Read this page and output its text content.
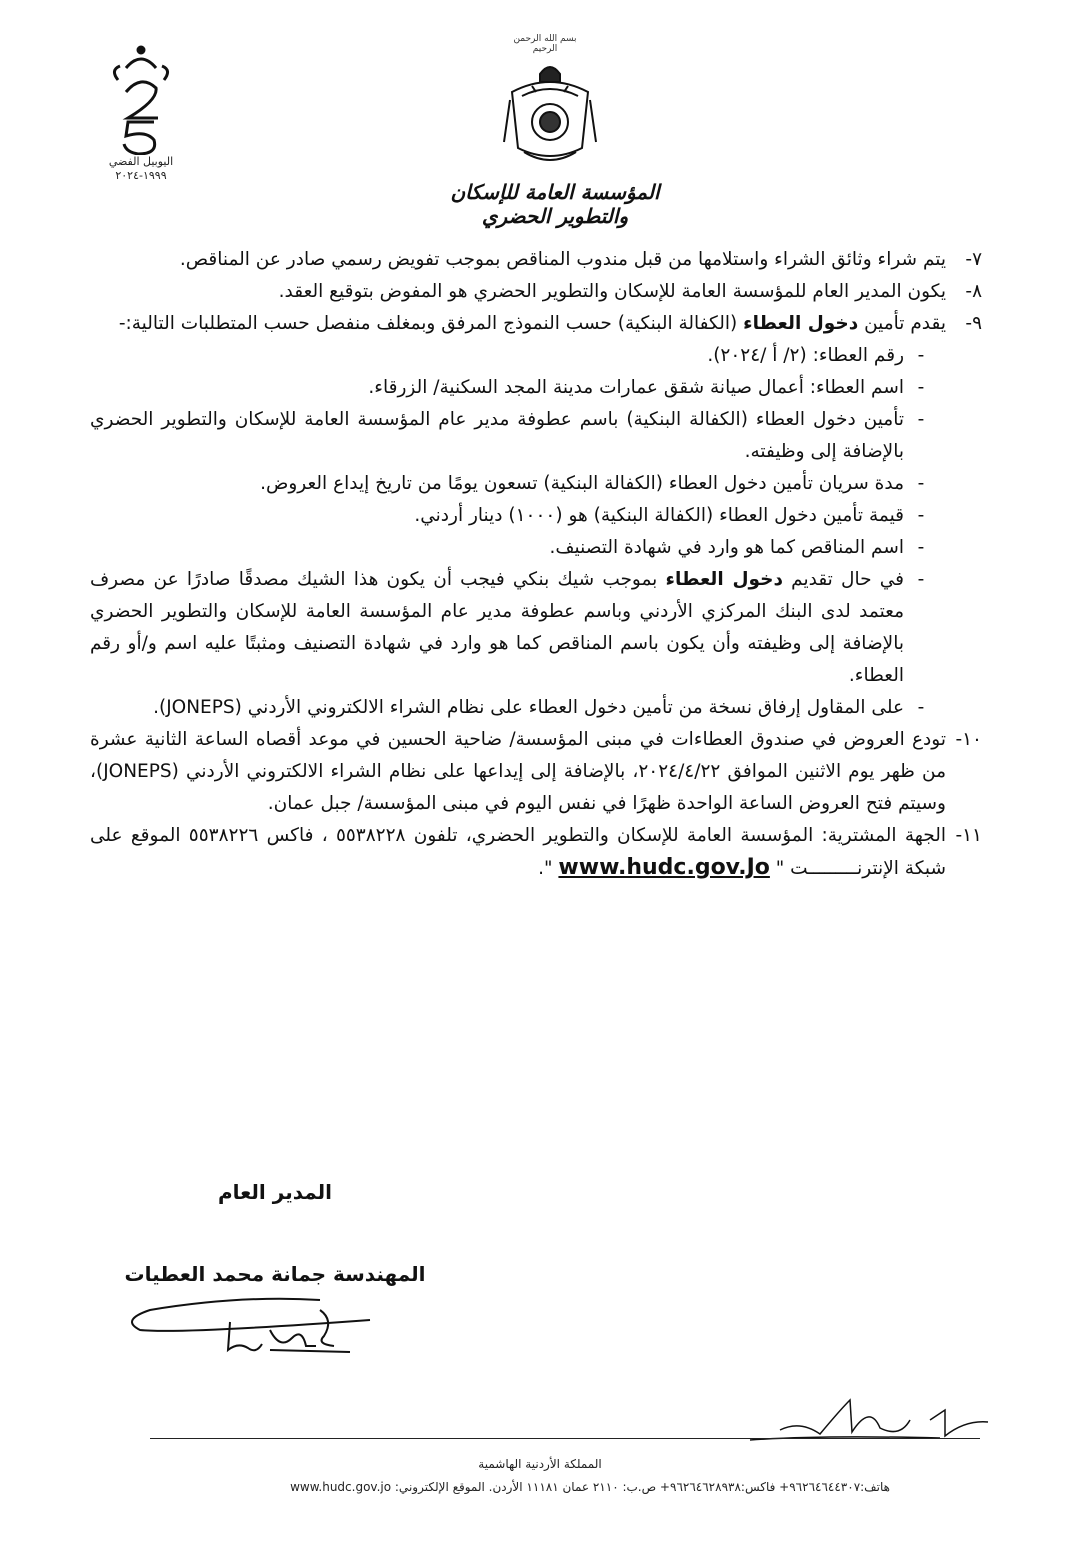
بسم الله الرحمن الرحيم
المؤسسة العامة للإسكان والتطوير الحضري
اليوبيل الفضي
١٩٩٩-٢٠٢٤
٧-
يتم شراء وثائق الشراء واستلامها من قبل مندوب المناقص بموجب تفويض رسمي صادر عن المناقص.
٨-
يكون المدير العام للمؤسسة العامة للإسكان والتطوير الحضري هو المفوض بتوقيع العقد.
٩-
يقدم تأمين دخول العطاء (الكفالة البنكية) حسب النموذج المرفق وبمغلف منفصل حسب المتطلبات التالية:-
-
رقم العطاء: (٢/ أ /٢٠٢٤).
-
اسم العطاء: أعمال صيانة شقق عمارات مدينة المجد السكنية/ الزرقاء.
-
تأمين دخول العطاء (الكفالة البنكية) باسم عطوفة مدير عام المؤسسة العامة للإسكان والتطوير الحضري بالإضافة إلى وظيفته.
-
مدة سريان تأمين دخول العطاء (الكفالة البنكية) تسعون يومًا من تاريخ إيداع العروض.
-
قيمة تأمين دخول العطاء (الكفالة البنكية) هو (١٠٠٠) دينار أردني.
-
اسم المناقص كما هو وارد في شهادة التصنيف.
-
في حال تقديم دخول العطاء بموجب شيك بنكي فيجب أن يكون هذا الشيك مصدقًا صادرًا عن مصرف معتمد لدى البنك المركزي الأردني وباسم عطوفة مدير عام المؤسسة العامة للإسكان والتطوير الحضري بالإضافة إلى وظيفته وأن يكون باسم المناقص كما هو وارد في شهادة التصنيف ومثبتًا عليه اسم و/أو رقم العطاء.
-
على المقاول إرفاق نسخة من تأمين دخول العطاء على نظام الشراء الالكتروني الأردني (JONEPS).
١٠-
تودع العروض في صندوق العطاءات في مبنى المؤسسة/ ضاحية الحسين في موعد أقصاه الساعة الثانية عشرة من ظهر يوم الاثنين الموافق ٢٠٢٤/٤/٢٢، بالإضافة إلى إيداعها على نظام الشراء الالكتروني الأردني (JONEPS)، وسيتم فتح العروض الساعة الواحدة ظهرًا في نفس اليوم في مبنى المؤسسة/ جبل عمان.
١١-
الجهة المشترية: المؤسسة العامة للإسكان والتطوير الحضري، تلفون ٥٥٣٨٢٢٨ ، فاكس ٥٥٣٨٢٢٦ الموقع على شبكة الإنترنـــــــــت " www.hudc.gov.Jo ".
المدير العام
المهندسة جمانة محمد العطيات
المملكة الأردنية الهاشمية
هاتف:٩٦٢٦٤٦٤٤٣٠٧+ فاكس:٩٦٢٦٤٦٢٨٩٣٨+ ص.ب: ٢١١٠ عمان ١١١٨١ الأردن. الموقع الإلكتروني: www.hudc.gov.jo
